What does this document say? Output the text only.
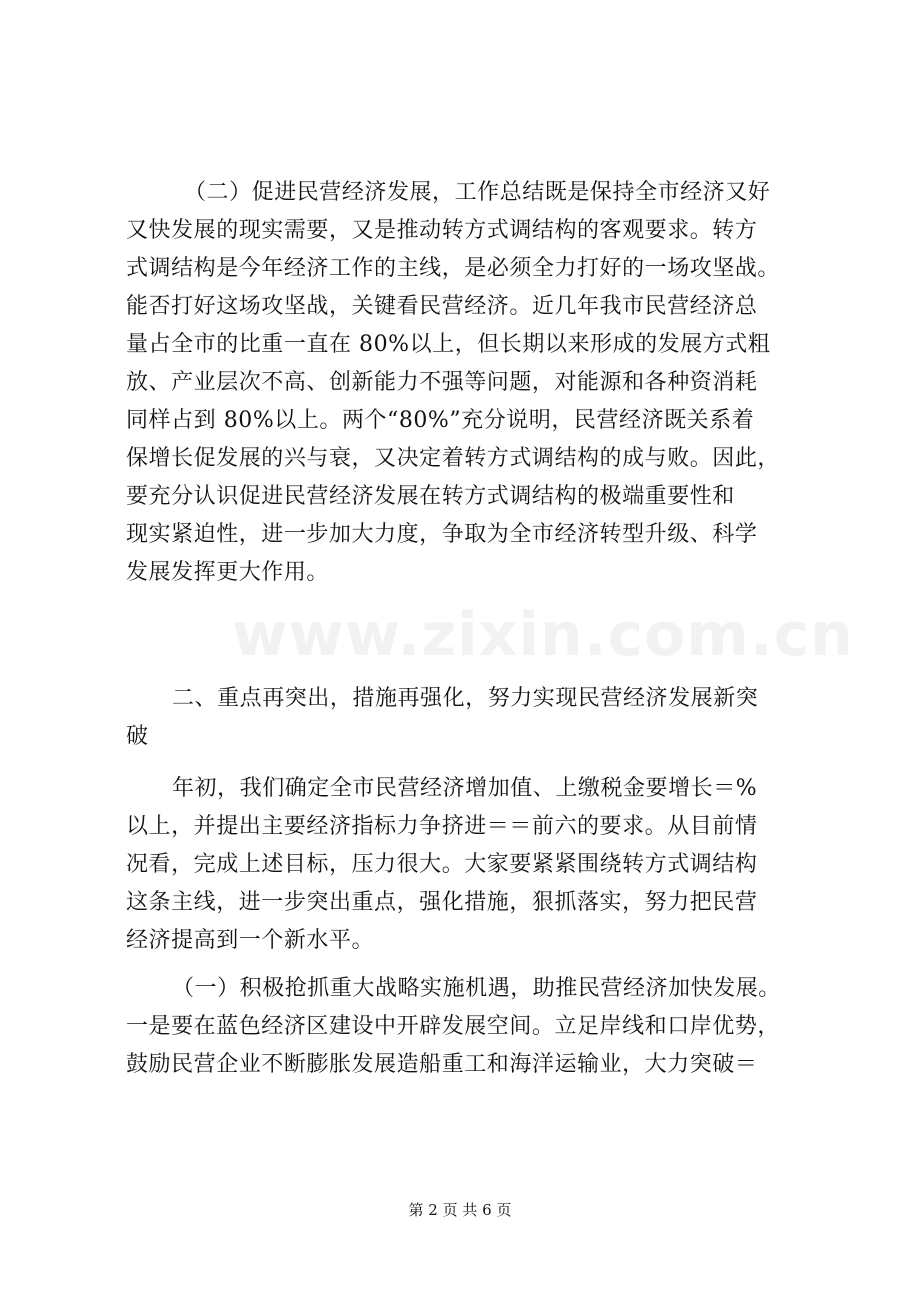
www.zixin.com.cn
（二）促进民营经济发展，工作总结既是保持全市经济又好
又快发展的现实需要，又是推动转方式调结构的客观要求。转方
式调结构是今年经济工作的主线，是必须全力打好的一场攻坚战。
能否打好这场攻坚战，关键看民营经济。近几年我市民营经济总
量占全市的比重一直在 80%以上，但长期以来形成的发展方式粗
放、产业层次不高、创新能力不强等问题，对能源和各种资消耗
同样占到 80%以上。两个“80%”充分说明，民营经济既关系着
保增长促发展的兴与衰，又决定着转方式调结构的成与败。因此，
要充分认识促进民营经济发展在转方式调结构的极端重要性和
现实紧迫性，进一步加大力度，争取为全市经济转型升级、科学
发展发挥更大作用。
二、重点再突出，措施再强化，努力实现民营经济发展新突
破
年初，我们确定全市民营经济增加值、上缴税金要增长＝%
以上，并提出主要经济指标力争挤进＝＝前六的要求。从目前情
况看，完成上述目标，压力很大。大家要紧紧围绕转方式调结构
这条主线，进一步突出重点，强化措施，狠抓落实，努力把民营
经济提高到一个新水平。
（一）积极抢抓重大战略实施机遇，助推民营经济加快发展。
一是要在蓝色经济区建设中开辟发展空间。立足岸线和口岸优势，
鼓励民营企业不断膨胀发展造船重工和海洋运输业，大力突破＝
第 2 页 共 6 页
